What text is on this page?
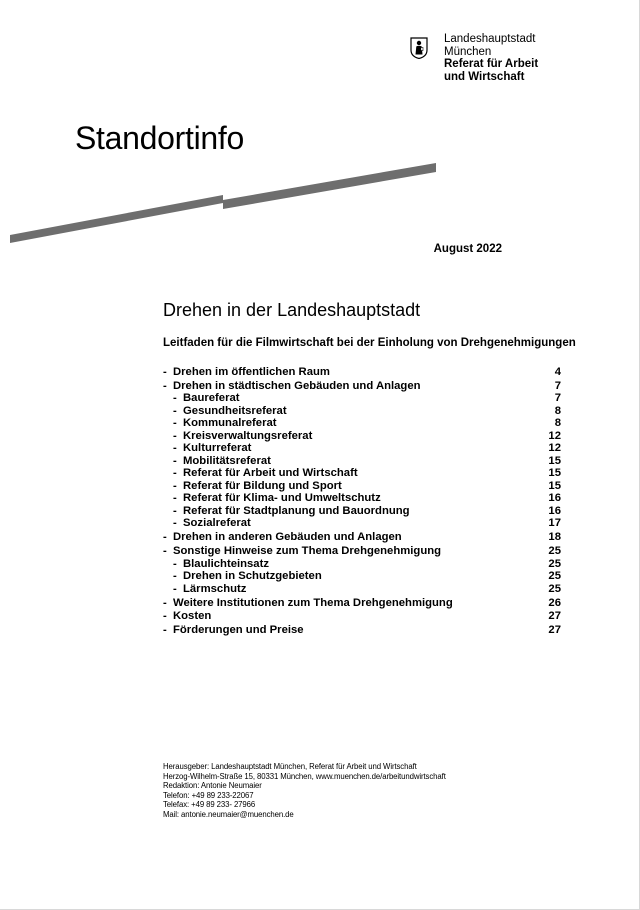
Landeshauptstadt
München
Referat für Arbeit
und Wirtschaft
Standortinfo
August 2022
Drehen in der Landeshauptstadt
Leitfaden für die Filmwirtschaft bei der Einholung von Drehgenehmigungen
- Drehen im öffentlichen Raum	4
- Drehen in städtischen Gebäuden und Anlagen	7
- Baureferat	7
- Gesundheitsreferat	8
- Kommunalreferat	8
- Kreisverwaltungsreferat	12
- Kulturreferat	12
- Mobilitätsreferat	15
- Referat für Arbeit und Wirtschaft	15
- Referat für Bildung und Sport	15
- Referat für Klima- und Umweltschutz	16
- Referat für Stadtplanung und Bauordnung	16
- Sozialreferat	17
- Drehen in anderen Gebäuden und Anlagen	18
- Sonstige Hinweise zum Thema Drehgenehmigung	25
- Blaulichteinsatz	25
- Drehen in Schutzgebieten	25
- Lärmschutz	25
- Weitere Institutionen zum Thema Drehgenehmigung	26
- Kosten	27
- Förderungen und Preise	27
Herausgeber: Landeshauptstadt München, Referat für Arbeit und Wirtschaft
Herzog-Wilhelm-Straße 15, 80331 München, www.muenchen.de/arbeitundwirtschaft
Redaktion: Antonie Neumaier
Telefon: +49 89 233-22067
Telefax: +49 89 233- 27966
Mail: antonie.neumaier@muenchen.de
